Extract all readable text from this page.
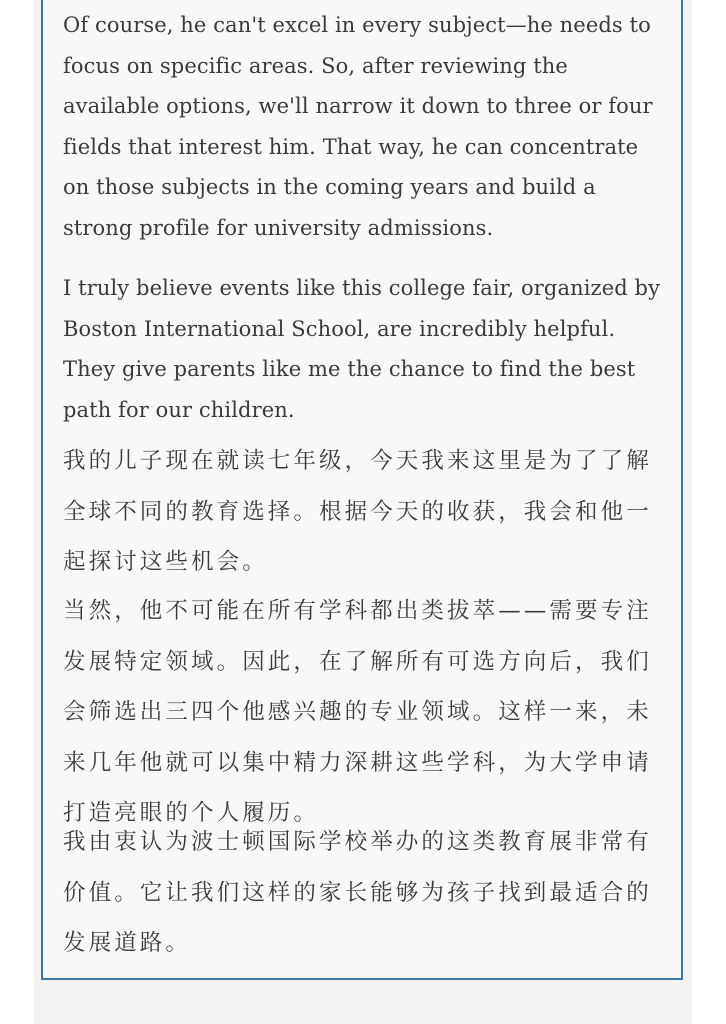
Of course, he can't excel in every subject—he needs to focus on specific areas. So, after reviewing the available options, we'll narrow it down to three or four fields that interest him. That way, he can concentrate on those subjects in the coming years and build a strong profile for university admissions.

I truly believe events like this college fair, organized by Boston International School, are incredibly helpful. They give parents like me the chance to find the best path for our children.

我的儿子现在就读七年级，今天我来这里是为了了解全球不同的教育选择。根据今天的收获，我会和他一起探讨这些机会。

当然，他不可能在所有学科都出类拔萃——需要专注发展特定领域。因此，在了解所有可选方向后，我们会筛选出三四个他感兴趣的专业领域。这样一来，未来几年他就可以集中精力深耕这些学科，为大学申请打造亮眼的个人履历。

我由衷认为波士顿国际学校举办的这类教育展非常有价值。它让我们这样的家长能够为孩子找到最适合的发展道路。
